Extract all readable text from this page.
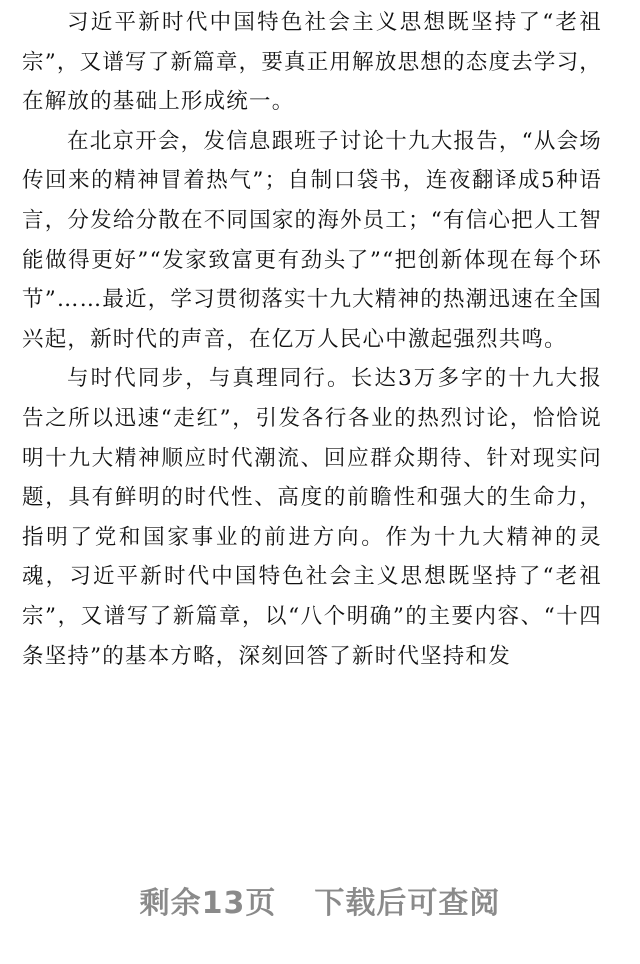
习近平新时代中国特色社会主义思想既坚持了“老祖宗”，又谱写了新篇章，要真正用解放思想的态度去学习，在解放的基础上形成统一。

在北京开会，发信息跟班子讨论十九大报告，“从会场传回来的精神冒着热气”；自制口袋书，连夜翻译成5种语言，分发给分散在不同国家的海外员工；“有信心把人工智能做得更好”“发家致富更有劲头了”“把创新体现在每个环节”……最近，学习贯彻落实十九大精神的热潮迅速在全国兴起，新时代的声音，在亿万人民心中激起强烈共鸣。

与时代同步，与真理同行。长达3万多字的十九大报告之所以迅速“走红”，引发各行各业的热烈讨论，恰恰说明十九大精神顺应时代潮流、回应群众期待、针对现实问题，具有鲜明的时代性、高度的前瞻性和强大的生命力，指明了党和国家事业的前进方向。作为十九大精神的灵魂，习近平新时代中国特色社会主义思想既坚持了“老祖宗”，又谱写了新篇章，以“八个明确”的主要内容、“十四条坚持”的基本方略，深刻回答了新时代坚持和发

剩余13页 下载后可查阅
